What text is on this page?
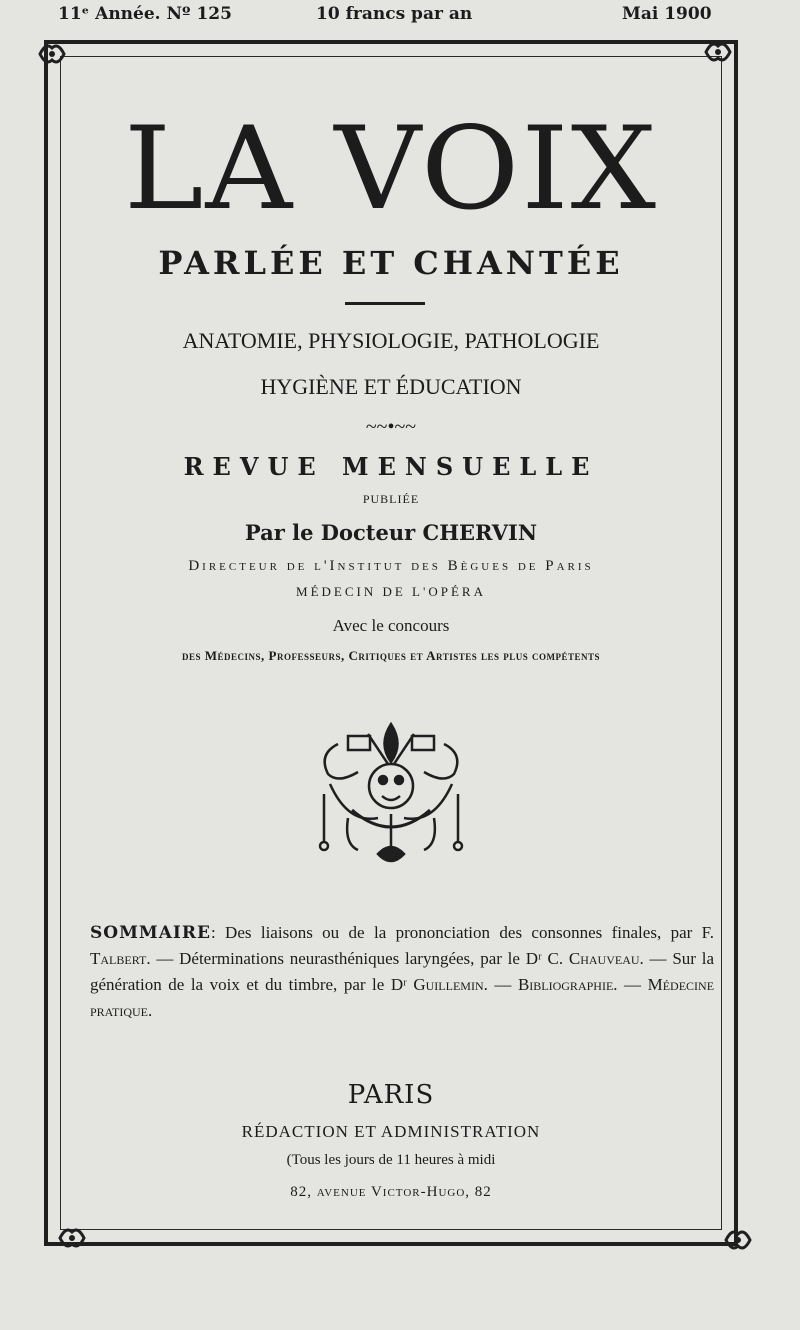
11ᵉ Année. Nº 125	10 francs par an	Mai 1900
LA VOIX
PARLÉE ET CHANTÉE
ANATOMIE, PHYSIOLOGIE, PATHOLOGIE
HYGIÈNE ET ÉDUCATION
~~•~~
REVUE MENSUELLE
PUBLIÉE
Par le Docteur CHERVIN
Directeur de l'Institut des Bègues de Paris
MÉDECIN DE L'OPÉRA
Avec le concours
des Médecins, Professeurs, Critiques et Artistes les plus compétents
SOMMAIRE: Des liaisons ou de la prononciation des consonnes finales, par F. Talbert. — Déterminations neurasthéniques laryngées, par le Dʳ C. Chauveau. — Sur la génération de la voix et du timbre, par le Dʳ Guillemin. — Bibliographie. — Médecine pratique.
PARIS
RÉDACTION ET ADMINISTRATION
(Tous les jours de 11 heures à midi
82, avenue Victor-Hugo, 82
